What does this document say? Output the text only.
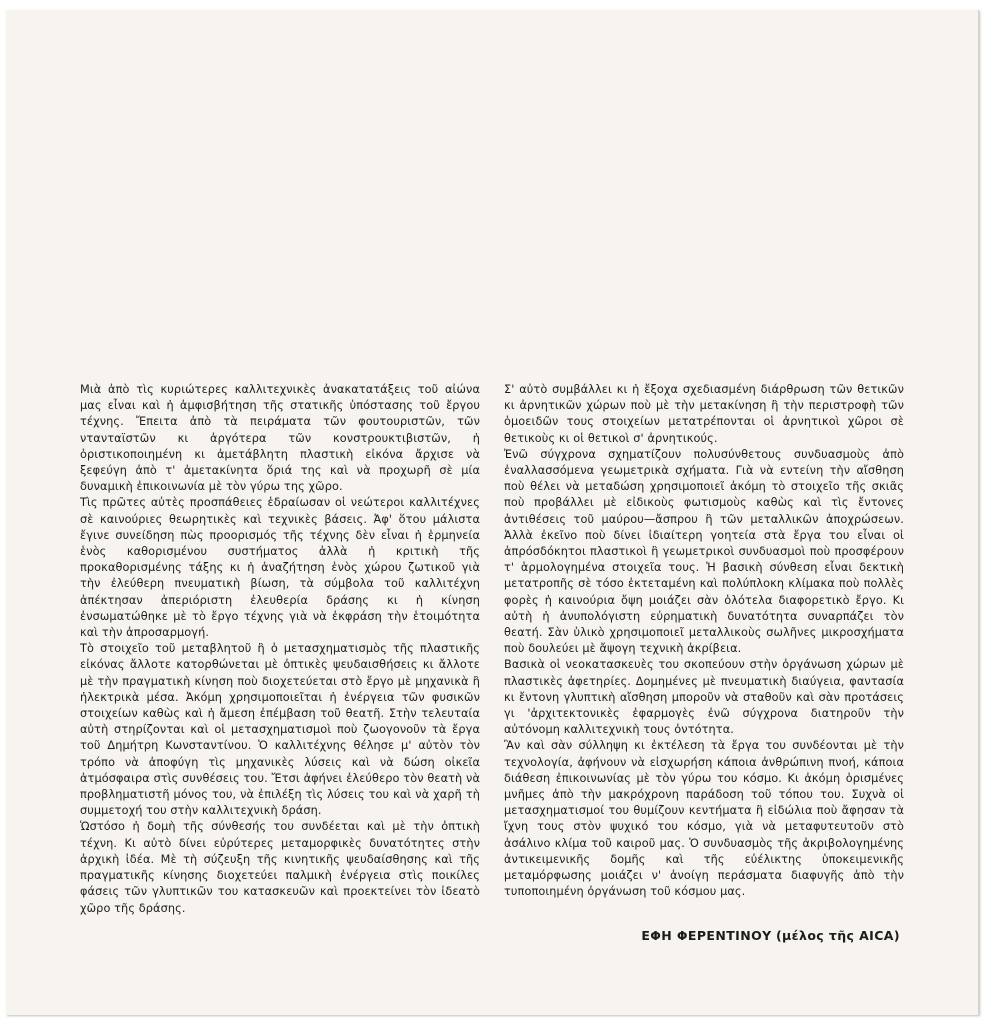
Μιὰ ἀπὸ τὶς κυριώτερες καλλιτεχνικὲς ἀνακατατάξεις τοῦ αἰώνα μας εἶναι καὶ ἡ ἀμφισβήτηση τῆς στατικῆς ὑπόστασης τοῦ ἔργου τέχνης. Ἔπειτα ἀπὸ τὰ πειράματα τῶν φουτουριστῶν, τῶν ντανταϊστῶν κι ἀργότερα τῶν κονστρουκτιβιστῶν, ἡ ὁριστικοποιημένη κι ἀμετάβλητη πλαστικὴ εἰκόνα ἄρχισε νὰ ξεφεύγη ἀπὸ τ' ἀμετακίνητα ὅριά της καὶ νὰ προχωρῆ σὲ μία δυναμικὴ ἐπικοινωνία μὲ τὸν γύρω της χῶρο.

Τὶς πρῶτες αὐτὲς προσπάθειες ἑδραίωσαν οἱ νεώτεροι καλλιτέχνες σὲ καινούριες θεωρητικὲς καὶ τεχνικὲς βάσεις. Ἀφ' ὅτου μάλιστα ἔγινε συνείδηση πὼς προορισμός τῆς τέχνης δὲν εἶναι ἡ ἑρμηνεία ἑνὸς καθορισμένου συστήματος ἀλλὰ ἡ κριτικὴ τῆς προκαθορισμένης τάξης κι ἡ ἀναζήτηση ἑνὸς χώρου ζωτικοῦ γιὰ τὴν ἐλεύθερη πνευματικὴ βίωση, τὰ σύμβολα τοῦ καλλιτέχνη ἀπέκτησαν ἀπεριόριστη ἐλευθερία δράσης κι ἡ κίνηση ἐνσωματώθηκε μὲ τὸ ἔργο τέχνης γιὰ νὰ ἐκφράση τὴν ἑτοιμότητα καὶ τὴν ἀπροσαρμογή.

Τὸ στοιχεῖο τοῦ μεταβλητοῦ ἢ ὁ μετασχηματισμὸς τῆς πλαστικῆς εἰκόνας ἄλλοτε κατορθώνεται μὲ ὀπτικὲς ψευδαισθήσεις κι ἄλλοτε μὲ τὴν πραγματικὴ κίνηση ποὺ διοχετεύεται στὸ ἔργο μὲ μηχανικὰ ἢ ἠλεκτρικὰ μέσα. Ἀκόμη χρησιμοποιεῖται ἡ ἐνέργεια τῶν φυσικῶν στοιχείων καθὼς καὶ ἡ ἄμεση ἐπέμβαση τοῦ θεατῆ. Στὴν τελευταία αὐτὴ στηρίζονται καὶ οἱ μετασχηματισμοὶ ποὺ ζωογονοῦν τὰ ἔργα τοῦ Δημήτρη Κωνσταντίνου. Ὁ καλλιτέχνης θέλησε μ' αὐτὸν τὸν τρόπο νὰ ἀποφύγη τὶς μηχανικὲς λύσεις καὶ νὰ δώση οἰκεῖα ἀτμόσφαιρα στὶς συνθέσεις του. Ἔτσι ἀφήνει ἐλεύθερο τὸν θεατὴ νὰ προβληματιστῆ μόνος του, νὰ ἐπιλέξη τὶς λύσεις του καὶ νὰ χαρῆ τὴ συμμετοχή του στὴν καλλιτεχνικὴ δράση.

Ὡστόσο ἡ δομὴ τῆς σύνθεσής του συνδέεται καὶ μὲ τὴν ὀπτικὴ τέχνη. Κι αὐτὸ δίνει εὐρύτερες μεταμορφικὲς δυνατότητες στὴν ἀρχικὴ ἰδέα. Μὲ τὴ σύζευξη τῆς κινητικῆς ψευδαίσθησης καὶ τῆς πραγματικῆς κίνησης διοχετεύει παλμικὴ ἐνέργεια στὶς ποικίλες φάσεις τῶν γλυπτικῶν του κατασκευῶν καὶ προεκτείνει τὸν ἰδεατὸ χῶρο τῆς δράσης.

Σ' αὐτὸ συμβάλλει κι ἡ ἔξοχα σχεδιασμένη διάρθρωση τῶν θετικῶν κι ἀρνητικῶν χώρων ποὺ μὲ τὴν μετακίνηση ἢ τὴν περιστροφὴ τῶν ὁμοειδῶν τους στοιχείων μετατρέπονται οἱ ἀρνητικοὶ χῶροι σὲ θετικοὺς κι οἱ θετικοὶ σ' ἀρνητικούς.

Ἐνῶ σύγχρονα σχηματίζουν πολυσύνθετους συνδυασμοὺς ἀπὸ ἐναλλασσόμενα γεωμετρικὰ σχήματα. Γιὰ νὰ εντείνη τὴν αἴσθηση ποὺ θέλει νὰ μεταδώση χρησιμοποιεῖ ἀκόμη τὸ στοιχεῖο τῆς σκιᾶς ποὺ προβάλλει μὲ εἰδικοὺς φωτισμοὺς καθὼς καὶ τὶς ἔντονες ἀντιθέσεις τοῦ μαύρου—ἄσπρου ἢ τῶν μεταλλικῶν ἀποχρώσεων. Ἀλλὰ ἐκεῖνο ποὺ δίνει ἰδιαίτερη γοητεία στὰ ἔργα του εἶναι οἱ ἀπρόσδόκητοι πλαστικοὶ ἢ γεωμετρικοὶ συνδυασμοὶ ποὺ προσφέρουν τ' ἁρμολογημένα στοιχεῖα τους. Ἡ βασικὴ σύνθεση εἶναι δεκτικὴ μετατροπῆς σὲ τόσο ἐκτεταμένη καὶ πολύπλοκη κλίμακα ποὺ πολλὲς φορὲς ἡ καινούρια ὄψη μοιάζει σὰν ὁλότελα διαφορετικὸ ἔργο. Κι αὐτὴ ἡ ἀνυπολόγιστη εὐρηματικὴ δυνατότητα συναρπάζει τὸν θεατή. Σὰν ὑλικὸ χρησιμοποιεῖ μεταλλικοὺς σωλῆνες μικροσχήματα ποὺ δουλεύει μὲ ἄψογη τεχνικὴ ἀκρίβεια.

Βασικὰ οἱ νεοκατασκευὲς του σκοπεύουν στὴν ὀργάνωση χώρων μὲ πλαστικὲς ἀφετηρίες. Δομημένες μὲ πνευματικὴ διαύγεια, φαντασία κι ἔντονη γλυπτικὴ αἴσθηση μποροῦν νὰ σταθοῦν καὶ σὰν προτάσεις γι 'ἀρχιτεκτονικὲς ἐφαρμογὲς ἐνῶ σύγχρονα διατηροῦν τὴν αὐτόνομη καλλιτεχνικὴ τους ὀντότητα.

Ἂν καὶ σὰν σύλληψη κι ἐκτέλεση τὰ ἔργα του συνδέονται μὲ τὴν τεχνολογία, ἀφήνουν νὰ εἰσχωρήση κάποια ἀνθρώπινη πνοή, κάποια διάθεση ἐπικοινωνίας μὲ τὸν γύρω του κόσμο. Κι ἀκόμη ὁρισμένες μνῆμες ἀπὸ τὴν μακρόχρονη παράδοση τοῦ τόπου του. Συχνὰ οἱ μετασχηματισμοί του θυμίζουν κεντήματα ἢ εἰδώλια ποὺ ἄφησαν τὰ ἴχνη τους στὸν ψυχικό του κόσμο, γιὰ νὰ μεταφυτευτοῦν στὸ ἀσάλινο κλίμα τοῦ καιροῦ μας. Ὁ συνδυασμὸς τῆς ἀκριβολογημένης ἀντικειμενικῆς δομῆς καὶ τῆς εὐέλικτης ὑποκειμενικῆς μεταμόρφωσης μοιάζει ν' ἀνοίγη περάσματα διαφυγῆς ἀπὸ τὴν τυποποιημένη ὀργάνωση τοῦ κόσμου μας.

ΕΦΗ ΦΕΡΕΝΤΙΝΟΥ (μέλος τῆς AICA)
